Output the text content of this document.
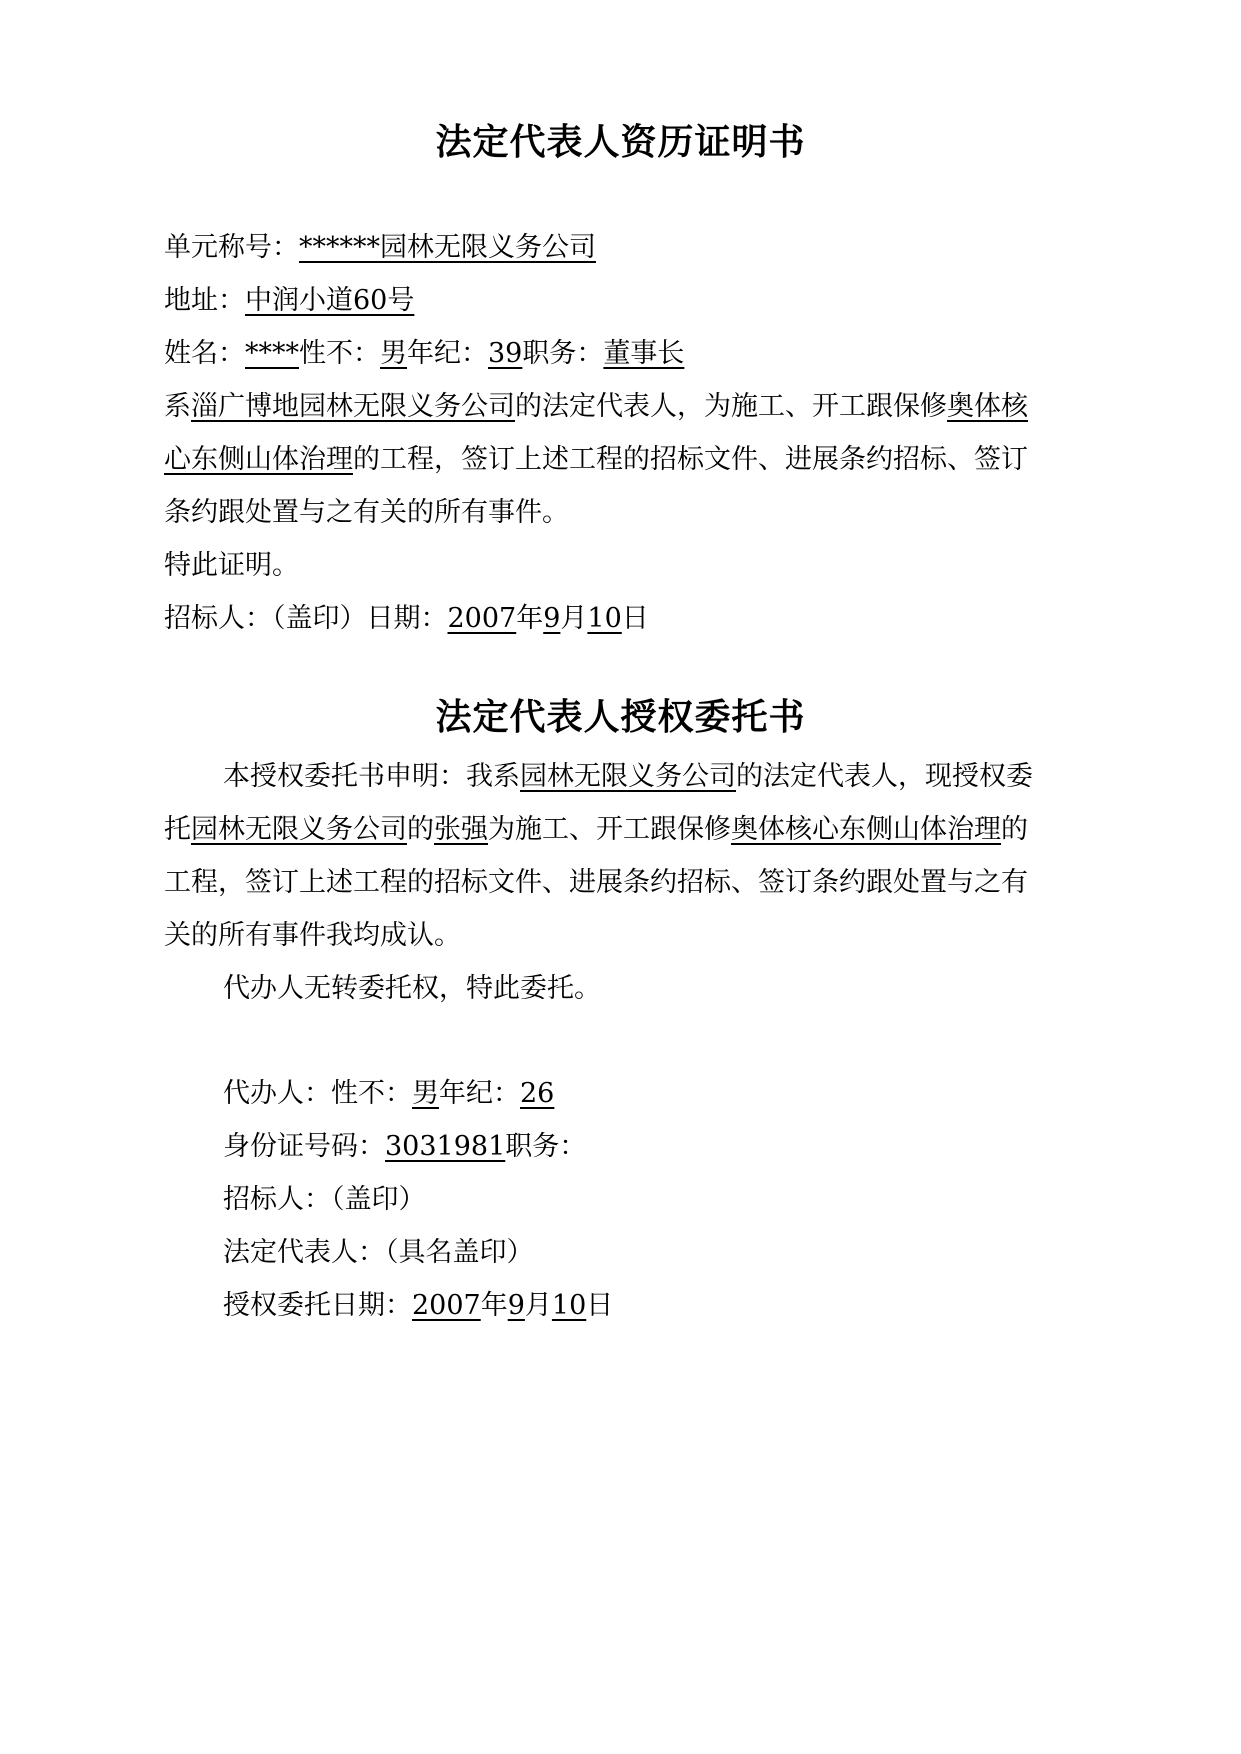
法定代表人资历证明书
单元称号：******园林无限义务公司
地址：中润小道60号
姓名：****性不：男年纪：39职务：董事长
系淄广博地园林无限义务公司的法定代表人，为施工、开工跟保修奥体核
心东侧山体治理的工程，签订上述工程的招标文件、进展条约招标、签订
条约跟处置与之有关的所有事件。
特此证明。
招标人：（盖印）日期：2007年9月10日
法定代表人授权委托书
本授权委托书申明：我系园林无限义务公司的法定代表人，现授权委
托园林无限义务公司的张强为施工、开工跟保修奥体核心东侧山体治理的
工程，签订上述工程的招标文件、进展条约招标、签订条约跟处置与之有
关的所有事件我均成认。
代办人无转委托权，特此委托。
代办人：性不：男年纪：26
身份证号码：3031981职务：
招标人：（盖印）
法定代表人：（具名盖印）
授权委托日期：2007年9月10日
